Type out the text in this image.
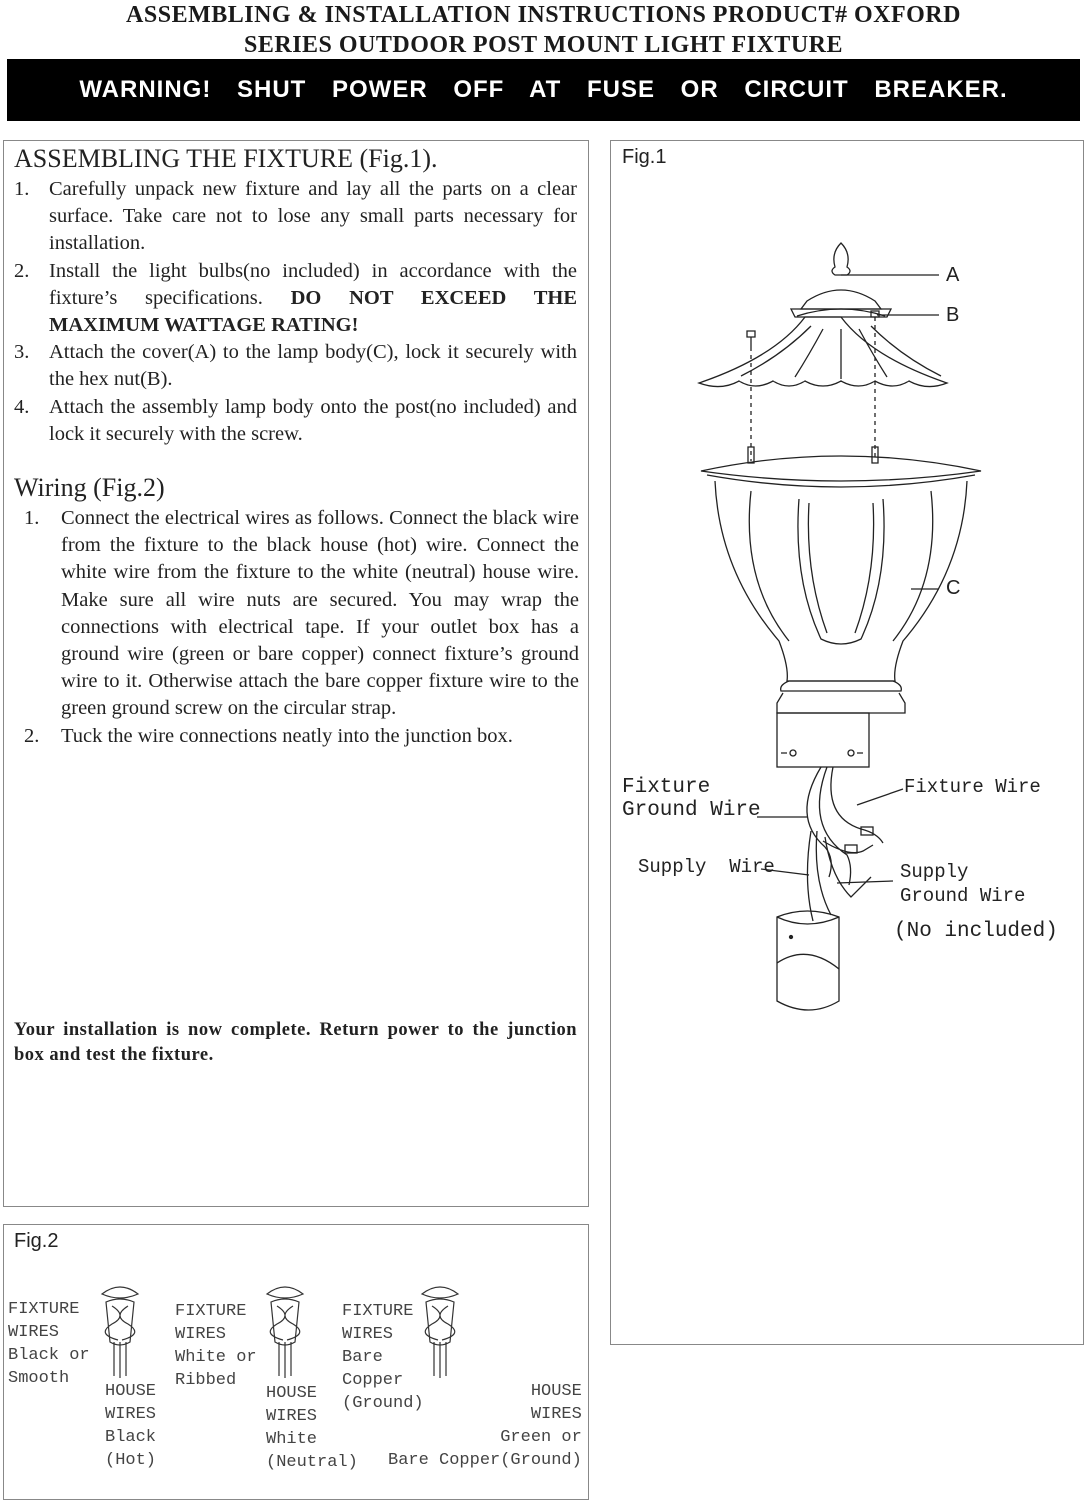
ASSEMBLING & INSTALLATION INSTRUCTIONS PRODUCT# OXFORD
SERIES OUTDOOR POST MOUNT LIGHT FIXTURE
WARNING! SHUT POWER OFF AT FUSE OR CIRCUIT BREAKER.
ASSEMBLING THE FIXTURE (Fig.1).
1. Carefully unpack new fixture and lay all the parts on a clear surface. Take care not to lose any small parts necessary for installation.
2. Install the light bulbs(no included) in accordance with the fixture’s specifications. DO NOT EXCEED THE MAXIMUM WATTAGE RATING!
3. Attach the cover(A) to the lamp body(C), lock it securely with the hex nut(B).
4. Attach the assembly lamp body onto the post(no included) and lock it securely with the screw.
Wiring (Fig.2)
1.	Connect the electrical wires as follows. Connect the black wire from the fixture to the black house (hot) wire. Connect the white wire from the fixture to the white (neutral) house wire. Make sure all wire nuts are secured. You may wrap the connections with electrical tape. If your outlet box has a ground wire (green or bare copper) connect fixture’s ground wire to it. Otherwise attach the bare copper fixture wire to the green ground screw on the circular strap.
2.	Tuck the wire connections neatly into the junction box.
Your installation is now complete. Return power to the junction box and test the fixture.
Fig.1
A
B
C
Fixture
Ground Wire
Fixture Wire
Supply  Wire	Supply
Ground Wire
(No included)
Fig.2
FIXTURE
WIRES
Black or
Smooth
HOUSE
WIRES
Black
(Hot)
FIXTURE
WIRES
White or
Ribbed
HOUSE
WIRES
White
(Neutral)
FIXTURE
WIRES
Bare
Copper
(Ground)
HOUSE
WIRES
Green or
Bare Copper(Ground)
